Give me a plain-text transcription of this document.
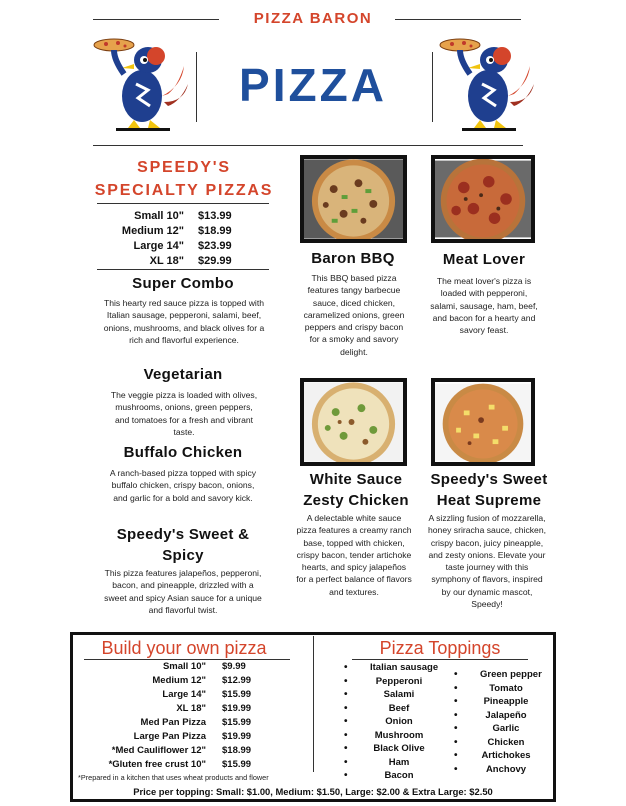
PIZZA BARON
PIZZA
SPEEDY'S
SPECIALTY PIZZAS
Small 10"	$13.99
Medium 12"	$18.99
Large 14"	$23.99
XL 18"	$29.99
Super Combo
This hearty red sauce pizza is topped with Italian sausage, pepperoni, salami, beef, onions, mushrooms, and black olives for a rich and flavorful experience.
Vegetarian
The veggie pizza is loaded with olives, mushrooms, onions, green peppers, and tomatoes for a fresh and vibrant taste.
Buffalo Chicken
A ranch-based pizza topped with spicy buffalo chicken, crispy bacon, onions, and garlic for a bold and savory kick.
Speedy's Sweet &
Spicy
This pizza features jalapeños, pepperoni, bacon, and pineapple, drizzled with a sweet and spicy Asian sauce for a unique and flavorful twist.
Baron BBQ
This BBQ based pizza features tangy barbecue sauce, diced chicken, caramelized onions, green peppers and crispy bacon for a smoky and savory delight.
Meat Lover
The meat lover's pizza is loaded with pepperoni, salami, sausage, ham, beef, and bacon for a hearty and savory feast.
White Sauce
Zesty Chicken
A delectable white sauce pizza features a creamy ranch base, topped with chicken, crispy bacon, tender artichoke hearts, and spicy jalapeños for a perfect balance of flavors and textures.
Speedy's Sweet
Heat Supreme
A sizzling fusion of mozzarella, honey sriracha sauce, chicken, crispy bacon, juicy pineapple, and zesty onions. Elevate your taste journey with this symphony of flavors, inspired by our dynamic mascot, Speedy!
Build your own pizza
Small 10"	$9.99
Medium 12"	$12.99
Large 14"	$15.99
XL 18"	$19.99
Med Pan Pizza	$15.99
Large Pan Pizza	$19.99
*Med Cauliflower 12"	$18.99
*Gluten free crust 10"	$15.99
*Prepared in a kitchen that uses wheat products and flower
Pizza Toppings
• Italian sausage
• Pepperoni
• Salami
• Beef
• Onion
• Mushroom
• Black Olive
• Ham
• Bacon
• Green pepper
• Tomato
• Pineapple
• Jalapeño
• Garlic
• Chicken
• Artichokes
• Anchovy
Price per topping: Small: $1.00, Medium: $1.50, Large: $2.00 & Extra Large: $2.50
